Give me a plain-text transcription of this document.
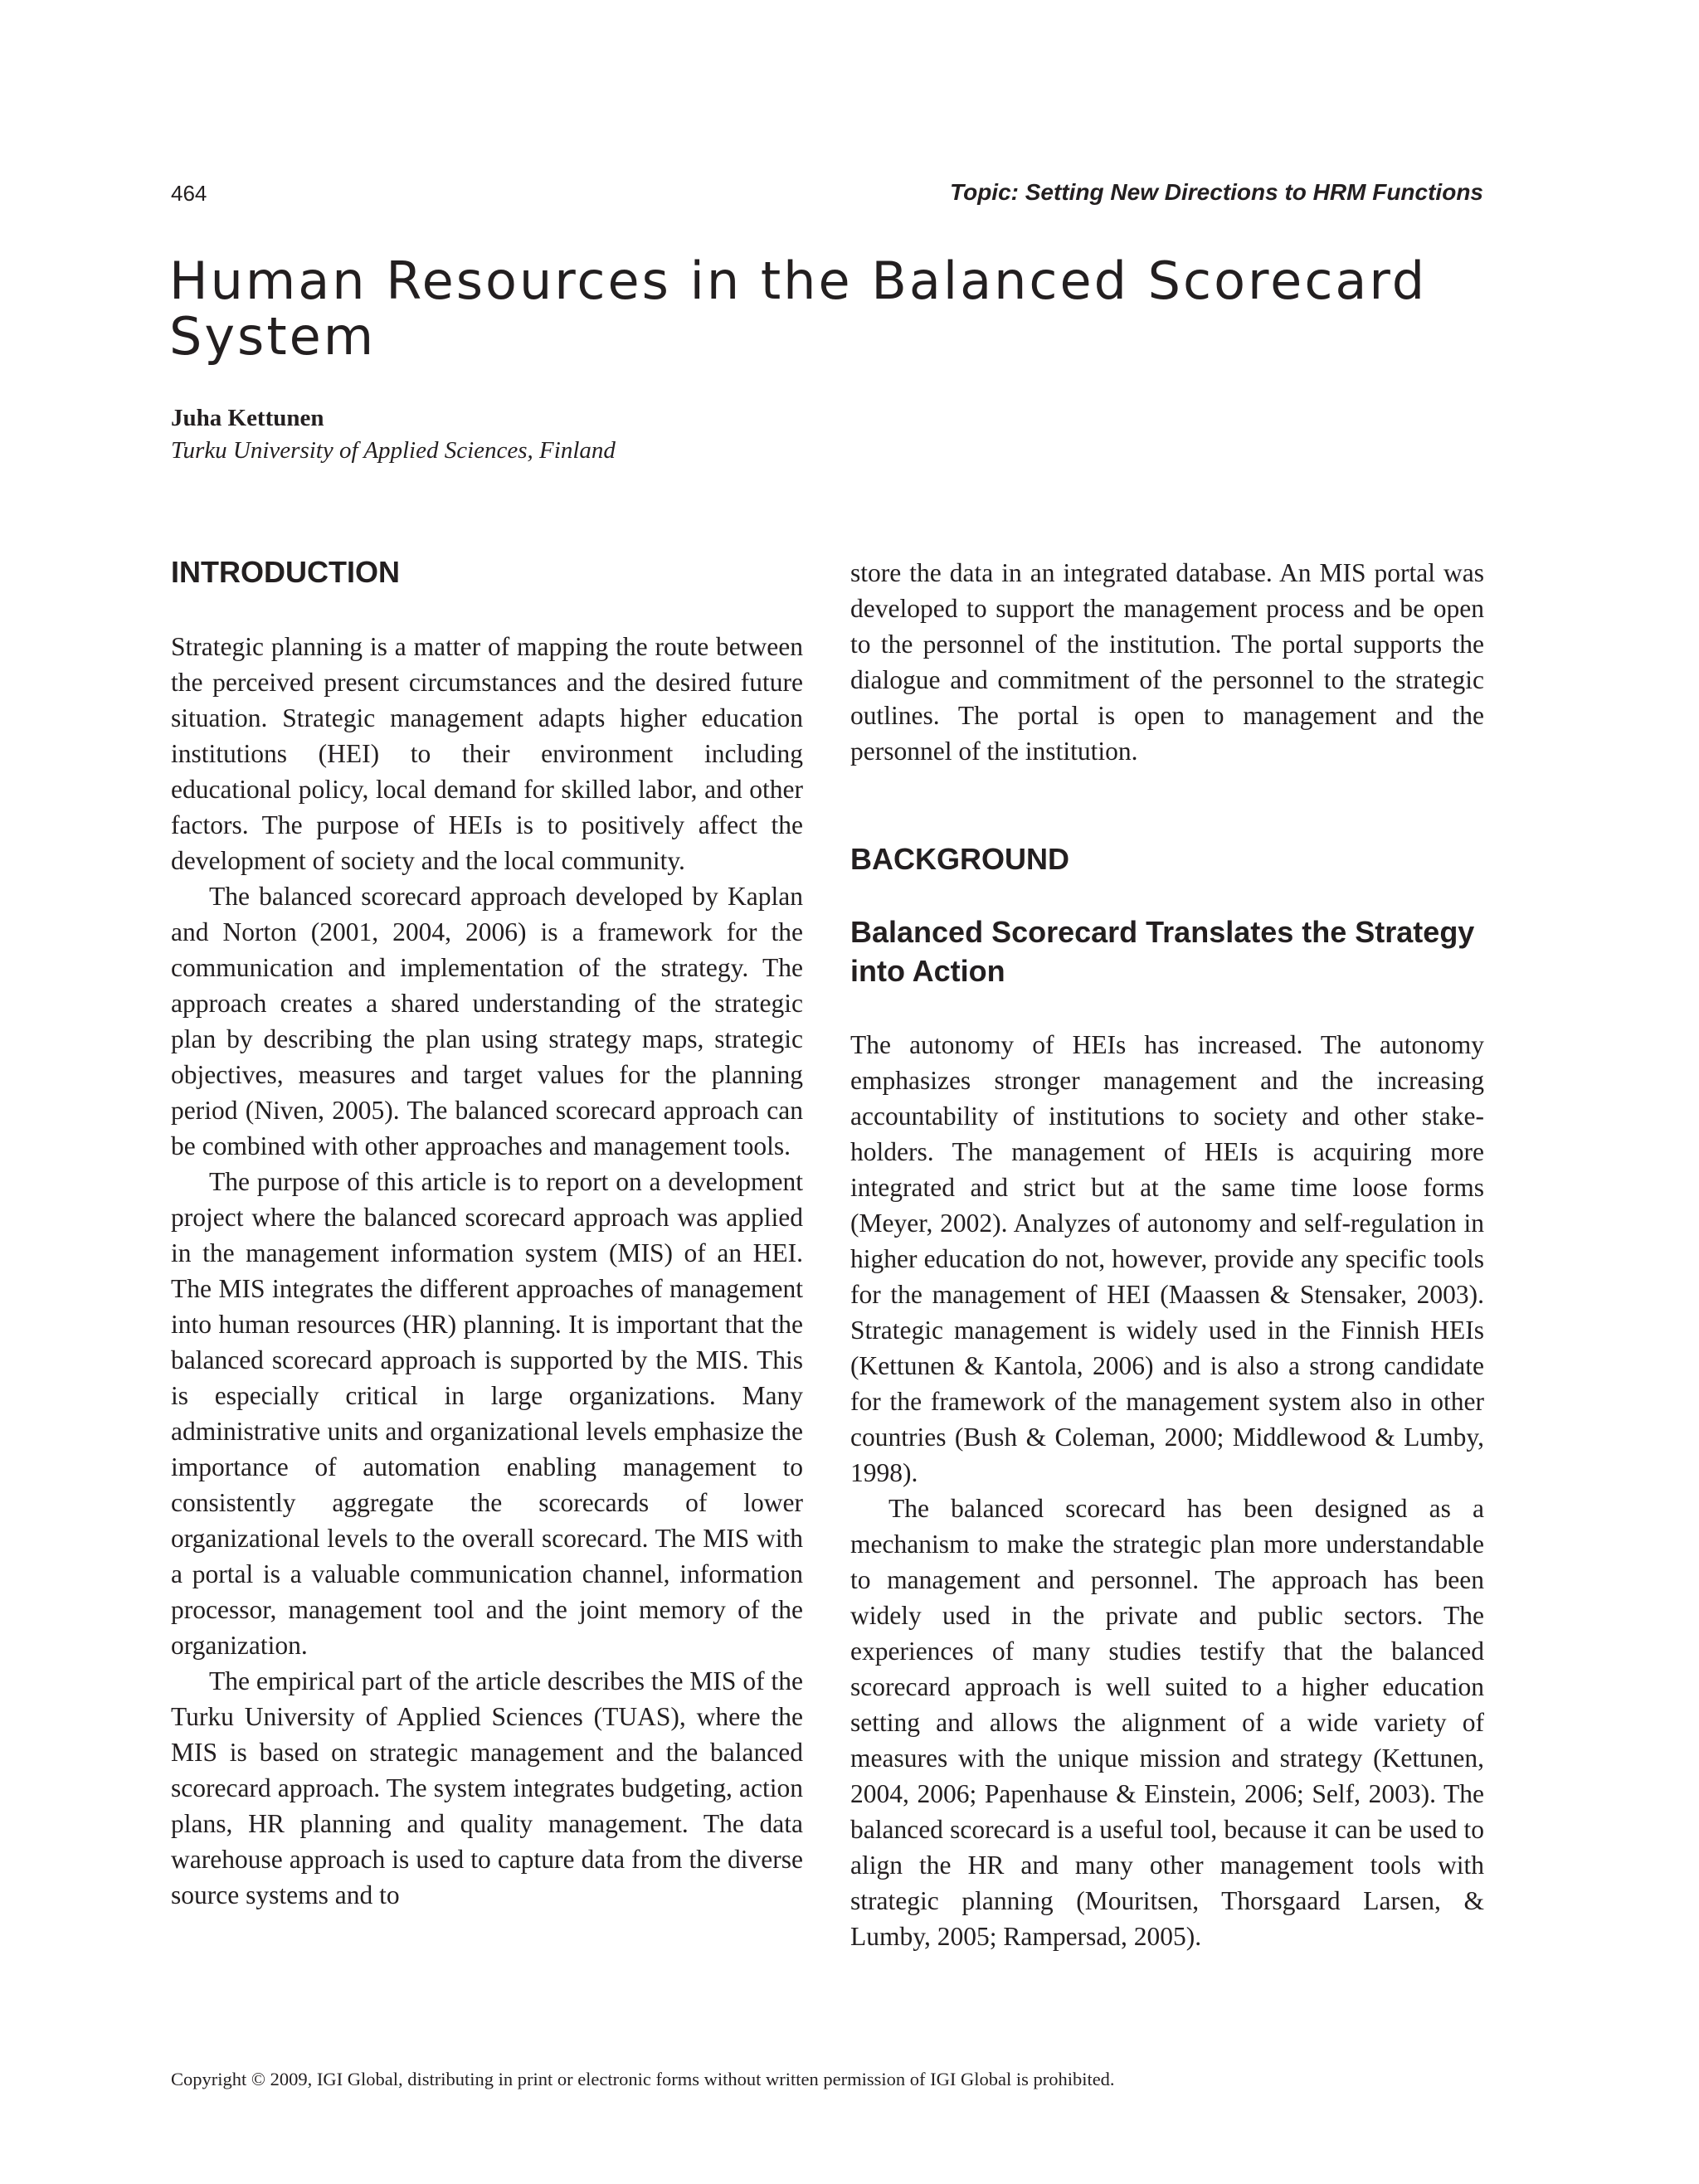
464	Topic: Setting New Directions to HRM Functions
Human Resources in the Balanced Scorecard System
Juha Kettunen
Turku University of Applied Sciences, Finland
INTRODUCTION

Strategic planning is a matter of mapping the route between the perceived present circumstances and the desired future situation. Strategic management adapts higher education institutions (HEI) to their environment including educational policy, local demand for skilled labor, and other factors. The purpose of HEIs is to positively affect the development of society and the local community.

The balanced scorecard approach developed by Kaplan and Norton (2001, 2004, 2006) is a framework for the communication and implementation of the strategy. The approach creates a shared understanding of the strategic plan by describing the plan using strategy maps, strategic objectives, measures and target values for the planning period (Niven, 2005). The balanced scorecard approach can be combined with other approaches and management tools.

The purpose of this article is to report on a development project where the balanced scorecard approach was applied in the management information system (MIS) of an HEI. The MIS integrates the different approaches of management into human resources (HR) planning. It is important that the balanced scorecard approach is supported by the MIS. This is especially critical in large organizations. Many administrative units and organizational levels emphasize the importance of automation enabling management to consistently aggregate the scorecards of lower organizational levels to the overall scorecard. The MIS with a portal is a valuable communication channel, information processor, management tool and the joint memory of the organization.

The empirical part of the article describes the MIS of the Turku University of Applied Sciences (TUAS), where the MIS is based on strategic management and the balanced scorecard approach. The system integrates budgeting, action plans, HR planning and quality management. The data warehouse approach is used to capture data from the diverse source systems and to

store the data in an integrated database. An MIS portal was developed to support the management process and be open to the personnel of the institution. The portal supports the dialogue and commitment of the personnel to the strategic outlines. The portal is open to management and the personnel of the institution.

BACKGROUND
Balanced Scorecard Translates the Strategy into Action

The autonomy of HEIs has increased. The autonomy emphasizes stronger management and the increasing accountability of institutions to society and other stakeholders. The management of HEIs is acquiring more integrated and strict but at the same time loose forms (Meyer, 2002). Analyzes of autonomy and self-regulation in higher education do not, however, provide any specific tools for the management of HEI (Maassen & Stensaker, 2003). Strategic management is widely used in the Finnish HEIs (Kettunen & Kantola, 2006) and is also a strong candidate for the framework of the management system also in other countries (Bush & Coleman, 2000; Middlewood & Lumby, 1998).

The balanced scorecard has been designed as a mechanism to make the strategic plan more understandable to management and personnel. The approach has been widely used in the private and public sectors. The experiences of many studies testify that the balanced scorecard approach is well suited to a higher education setting and allows the alignment of a wide variety of measures with the unique mission and strategy (Kettunen, 2004, 2006; Papenhause & Einstein, 2006; Self, 2003). The balanced scorecard is a useful tool, because it can be used to align the HR and many other management tools with strategic planning (Mouritsen, Thorsgaard Larsen, & Lumby, 2005; Rampersad, 2005).

Copyright © 2009, IGI Global, distributing in print or electronic forms without written permission of IGI Global is prohibited.
